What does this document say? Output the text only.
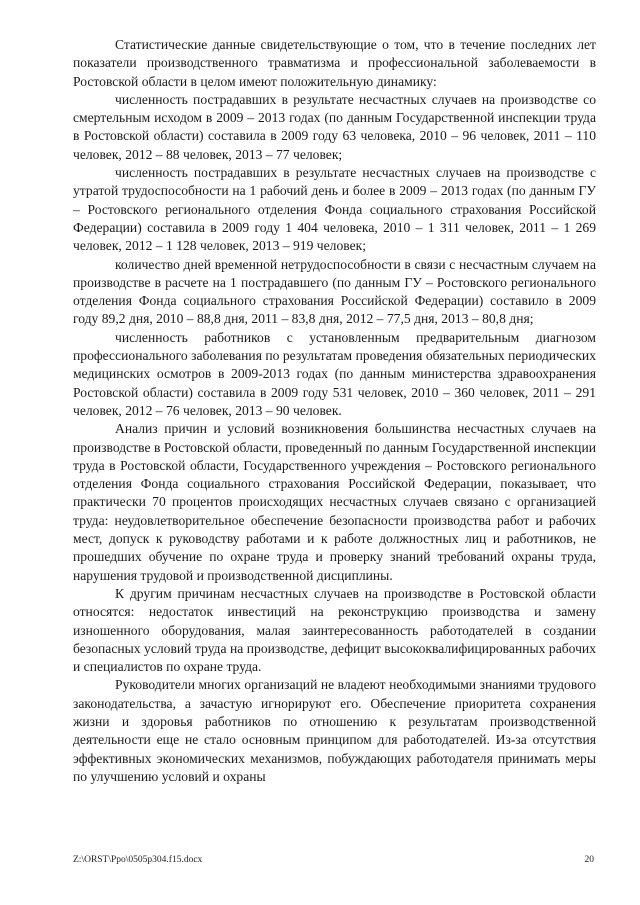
Статистические данные свидетельствующие о том, что в течение последних лет показатели производственного травматизма и профессиональной заболеваемости в Ростовской области в целом имеют положительную динамику:

численность пострадавших в результате несчастных случаев на производстве со смертельным исходом в 2009 – 2013 годах (по данным Государственной инспекции труда в Ростовской области) составила в 2009 году 63 человека, 2010 – 96 человек, 2011 – 110 человек, 2012 – 88 человек, 2013 – 77 человек;

численность пострадавших в результате несчастных случаев на производстве с утратой трудоспособности на 1 рабочий день и более в 2009 – 2013 годах (по данным ГУ – Ростовского регионального отделения Фонда социального страхования Российской Федерации) составила в 2009 году 1 404 человека, 2010 – 1 311 человек, 2011 – 1 269 человек, 2012 – 1 128 человек, 2013 – 919 человек;

количество дней временной нетрудоспособности в связи с несчастным случаем на производстве в расчете на 1 пострадавшего (по данным ГУ – Ростовского регионального отделения Фонда социального страхования Российской Федерации) составило в 2009 году 89,2 дня, 2010 – 88,8 дня, 2011 – 83,8 дня, 2012 – 77,5 дня, 2013 – 80,8 дня;

численность работников с установленным предварительным диагнозом профессионального заболевания по результатам проведения обязательных периодических медицинских осмотров в 2009-2013 годах (по данным министерства здравоохранения Ростовской области) составила в 2009 году 531 человек, 2010 – 360 человек, 2011 – 291 человек, 2012 – 76 человек, 2013 – 90 человек.

Анализ причин и условий возникновения большинства несчастных случаев на производстве в Ростовской области, проведенный по данным Государственной инспекции труда в Ростовской области, Государственного учреждения – Ростовского регионального отделения Фонда социального страхования Российской Федерации, показывает, что практически 70 процентов происходящих несчастных случаев связано с организацией труда: неудовлетворительное обеспечение безопасности производства работ и рабочих мест, допуск к руководству работами и к работе должностных лиц и работников, не прошедших обучение по охране труда и проверку знаний требований охраны труда, нарушения трудовой и производственной дисциплины.

К другим причинам несчастных случаев на производстве в Ростовской области относятся: недостаток инвестиций на реконструкцию производства и замену изношенного оборудования, малая заинтересованность работодателей в создании безопасных условий труда на производстве, дефицит высококвалифицированных рабочих и специалистов по охране труда.

Руководители многих организаций не владеют необходимыми знаниями трудового законодательства, а зачастую игнорируют его. Обеспечение приоритета сохранения жизни и здоровья работников по отношению к результатам производственной деятельности еще не стало основным принципом для работодателей. Из-за отсутствия эффективных экономических механизмов, побуждающих работодателя принимать меры по улучшению условий и охраны

Z:\ORST\Ppo\0505p304.f15.docx	20
